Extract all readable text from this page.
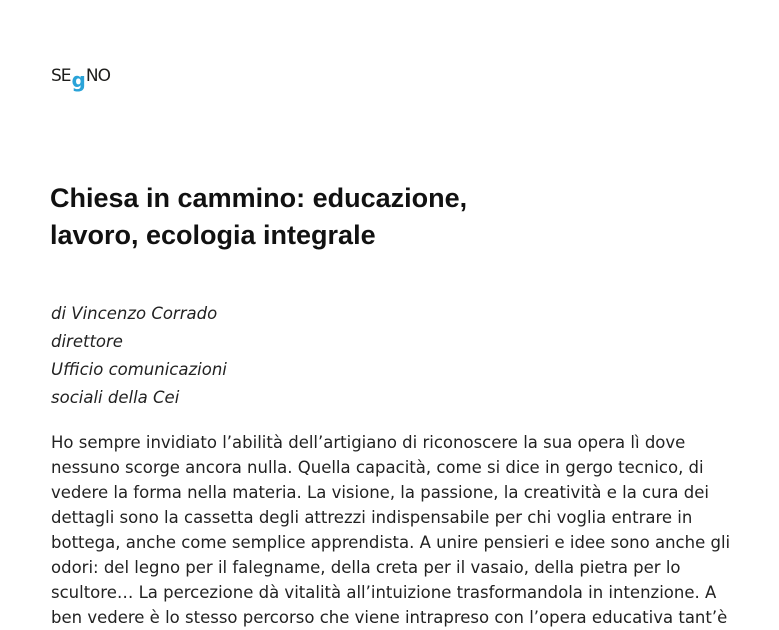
SE g NO
Chiesa in cammino: educazione,
lavoro, ecologia integrale
di Vincenzo Corrado
direttore
Ufficio comunicazioni
sociali della Cei
Ho sempre invidiato l’abilità dell’artigiano di riconoscere la sua opera lì dove
nessuno scorge ancora nulla. Quella capacità, come si dice in gergo tecnico, di
vedere la forma nella materia. La visione, la passione, la creatività e la cura dei
dettagli sono la cassetta degli attrezzi indispensabile per chi voglia entrare in
bottega, anche come semplice apprendista. A unire pensieri e idee sono anche gli
odori: del legno per il falegname, della creta per il vasaio, della pietra per lo
scultore… La percezione dà vitalità all’intuizione trasformandola in intenzione. A
ben vedere è lo stesso percorso che viene intrapreso con l’opera educativa tant’è
